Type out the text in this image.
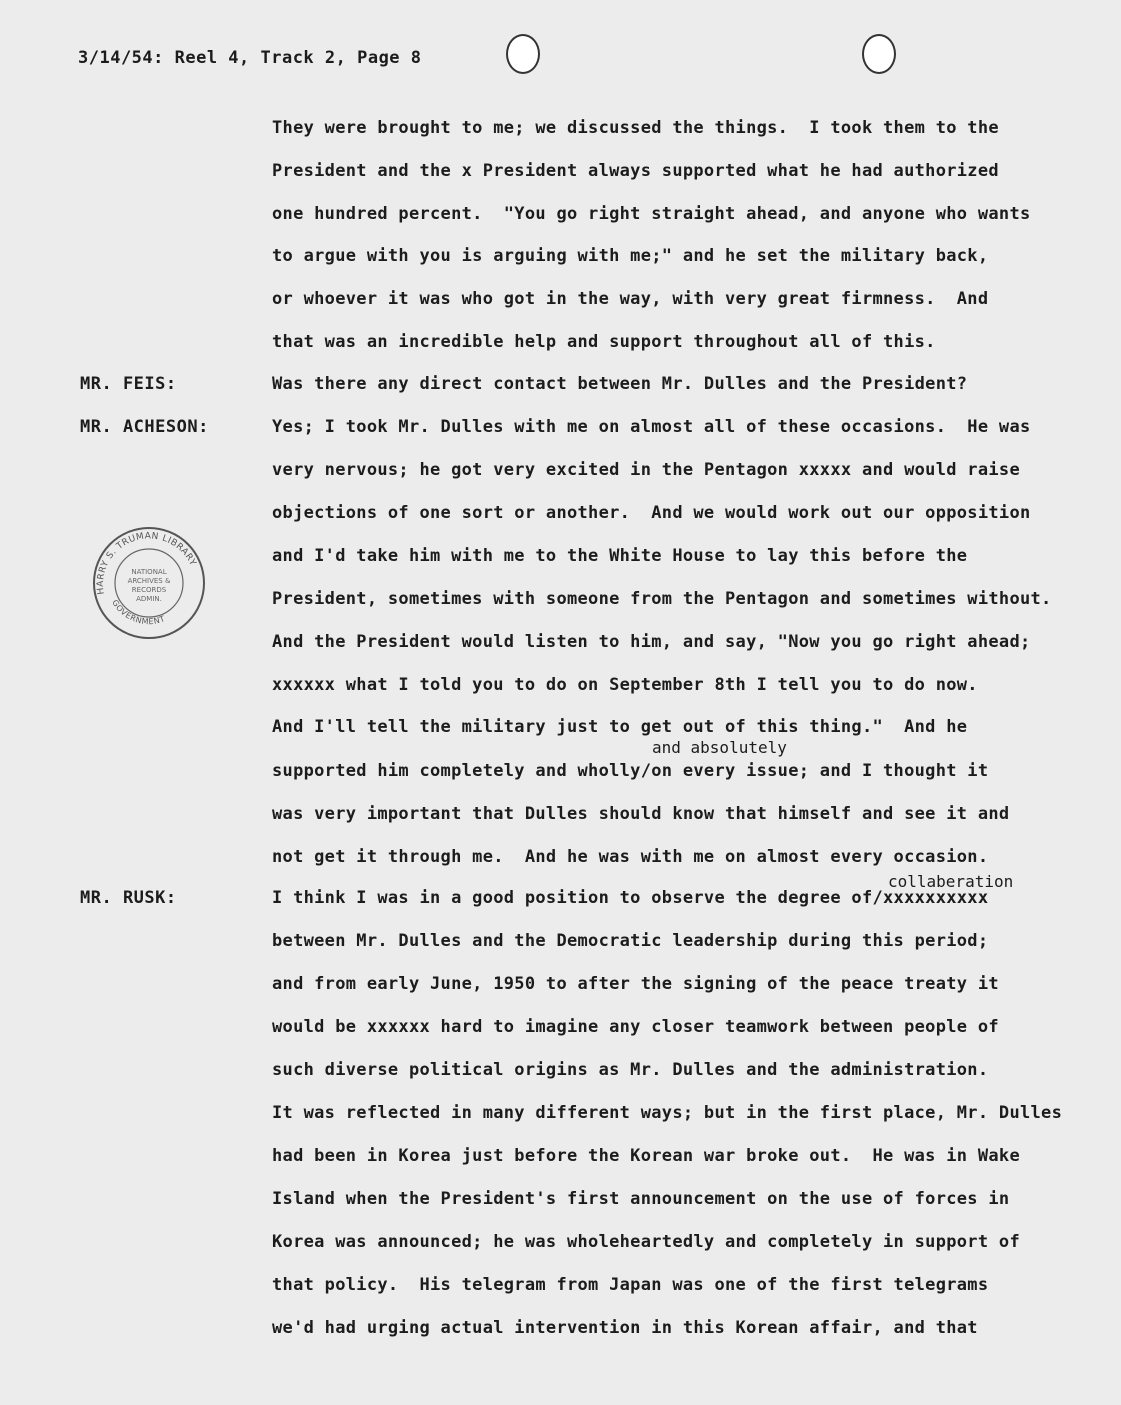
3/14/54: Reel 4, Track 2, Page 8
MR. FEIS:
MR. ACHESON:
MR. RUSK:
and absolutely
collaberation
They were brought to me; we discussed the things.  I took them to the
President and the x President always supported what he had authorized
one hundred percent.  "You go right straight ahead, and anyone who wants
to argue with you is arguing with me;" and he set the military back,
or whoever it was who got in the way, with very great firmness.  And
that was an incredible help and support throughout all of this.
Was there any direct contact between Mr. Dulles and the President?
Yes; I took Mr. Dulles with me on almost all of these occasions.  He was
very nervous; he got very excited in the Pentagon xxxxx and would raise
objections of one sort or another.  And we would work out our opposition
and I'd take him with me to the White House to lay this before the
President, sometimes with someone from the Pentagon and sometimes without.
And the President would listen to him, and say, "Now you go right ahead;
xxxxxx what I told you to do on September 8th I tell you to do now.
And I'll tell the military just to get out of this thing."  And he
supported him completely and wholly/on every issue; and I thought it
was very important that Dulles should know that himself and see it and
not get it through me.  And he was with me on almost every occasion.
I think I was in a good position to observe the degree of/xxxxxxxxxx
between Mr. Dulles and the Democratic leadership during this period;
and from early June, 1950 to after the signing of the peace treaty it
would be xxxxxx hard to imagine any closer teamwork between people of
such diverse political origins as Mr. Dulles and the administration.
It was reflected in many different ways; but in the first place, Mr. Dulles
had been in Korea just before the Korean war broke out.  He was in Wake
Island when the President's first announcement on the use of forces in
Korea was announced; he was wholeheartedly and completely in support of
that policy.  His telegram from Japan was one of the first telegrams
we'd had urging actual intervention in this Korean affair, and that
HARRY S. TRUMAN LIBRARY
GOVERNMENT
NATIONAL
ARCHIVES &
RECORDS
ADMIN.
